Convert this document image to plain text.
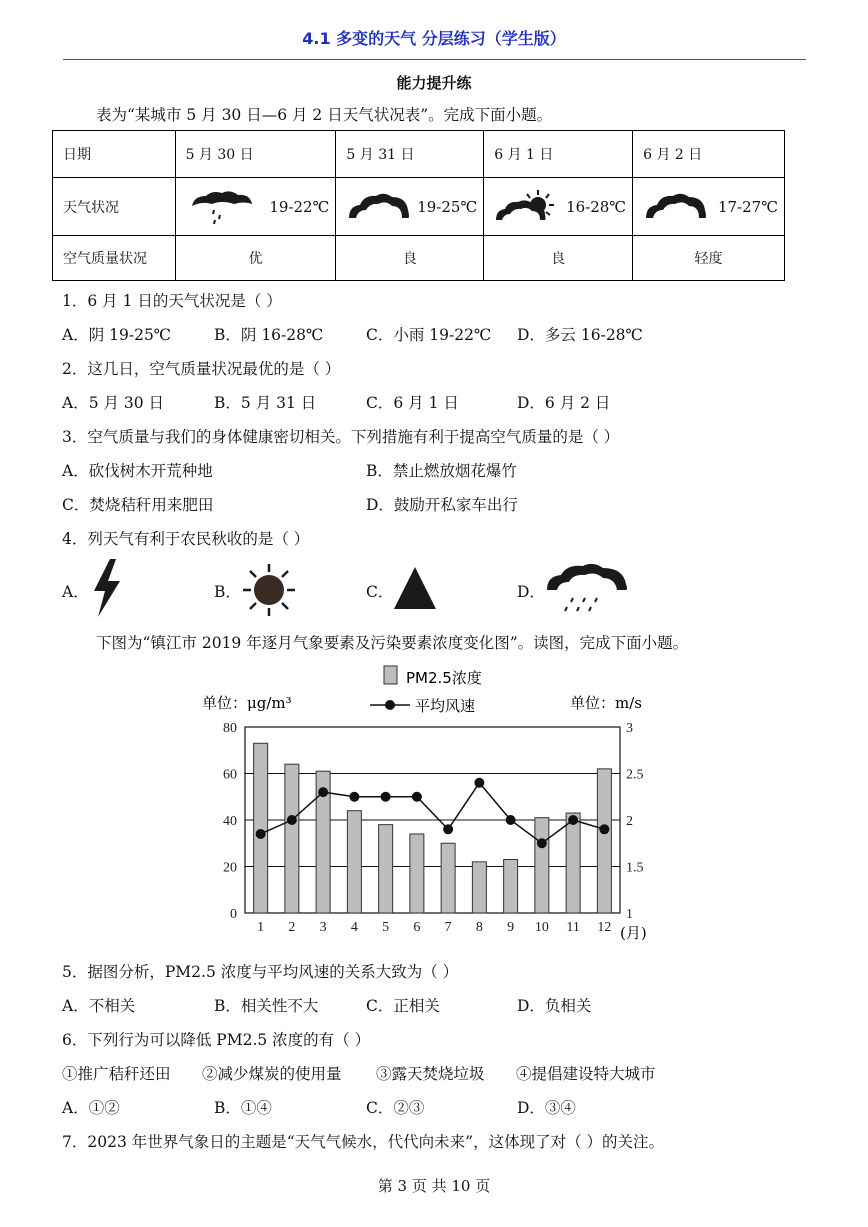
4.1 多变的天气 分层练习（学生版）
能力提升练
表为“某城市 5 月 30 日—6 月 2 日天气状况表”。完成下面小题。
日期	5 月 30 日	5 月 31 日	6 月 1 日	6 月 2 日
天气状况	19-22℃	19-25℃	16-28℃	17-27℃

空气质量状况	优	良	良	轻度
1．6 月 1 日的天气状况是（ ）
A．阴 19-25℃	B．阴 16-28℃	C．小雨 19-22℃ D．多云 16-28℃
2．这几日，空气质量状况最优的是（ ）
A．5 月 30 日	B．5 月 31 日	C．6 月 1 日	D．6 月 2 日
3．空气质量与我们的身体健康密切相关。下列措施有利于提高空气质量的是（ ）
A．砍伐树木开荒种地	B．禁止燃放烟花爆竹
C．焚烧秸秆用来肥田	D．鼓励开私家车出行
4．列天气有利于农民秋收的是（ ）
A．	B．	C．	D．
下图为“镇江市 2019 年逐月气象要素及污染要素浓度变化图”。读图，完成下面小题。
0
20
40
60
80
1
1.5
2
2.5
3
1 2 3 4 5 6 7 8 9 10 11 12
PM2.5浓度
平均风速
单位：μg/m³	单位：m/s
(月)
5．据图分析，PM2.5 浓度与平均风速的关系大致为（ ）
A．不相关	B．相关性不大	C．正相关	D．负相关
6．下列行为可以降低 PM2.5 浓度的有（ ）
①推广秸秆还田 ②减少煤炭的使用量 ③露天焚烧垃圾 ④提倡建设特大城市
A．①②	B．①④	C．②③	D．③④
7．2023 年世界气象日的主题是“天气气候水，代代向未来”，这体现了对（ ）的关注。
第 3 页 共 10 页
